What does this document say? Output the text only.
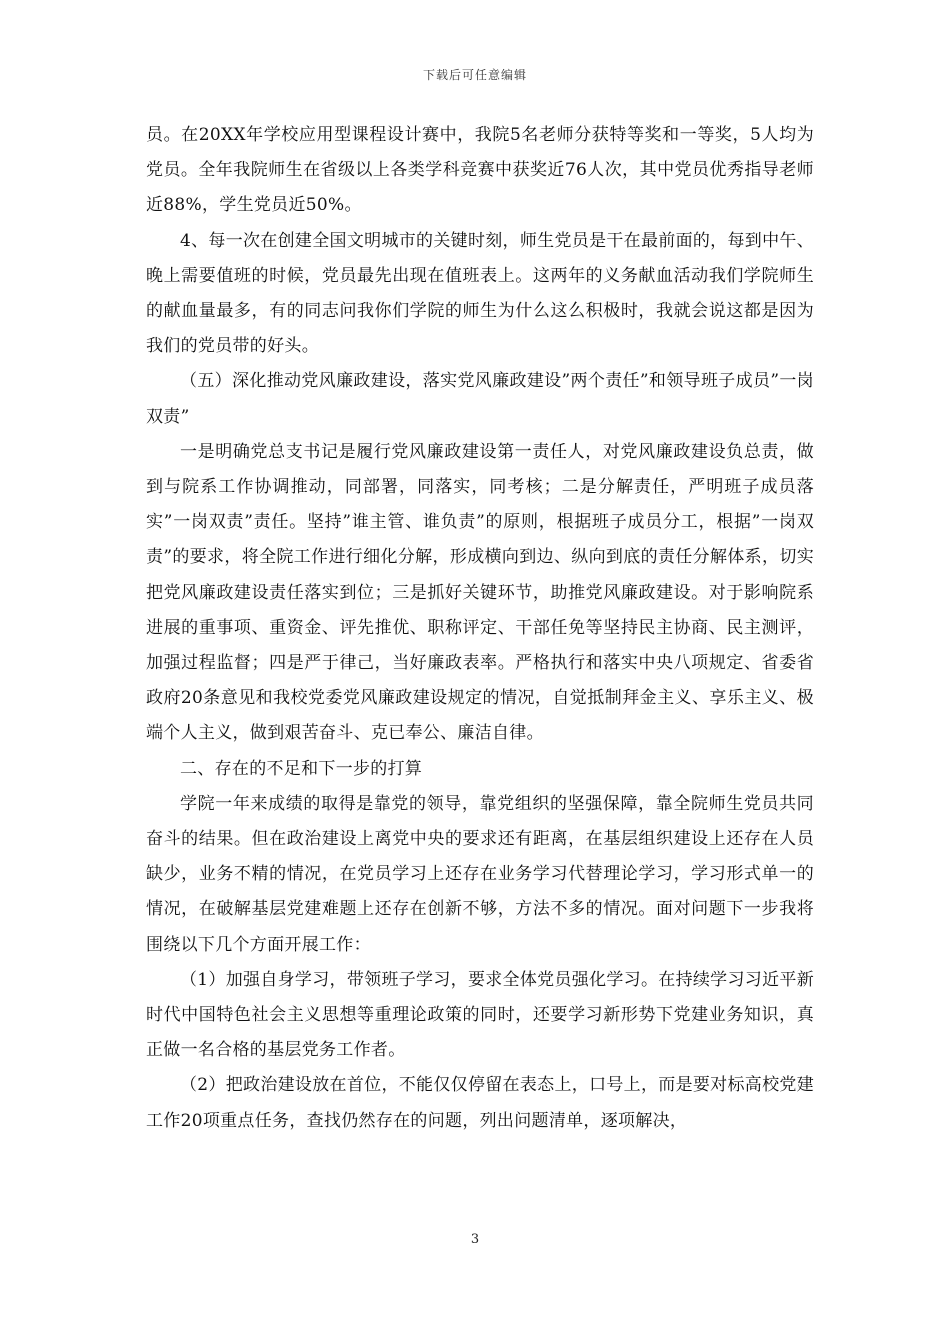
下载后可任意编辑

员。在20XX年学校应用型课程设计赛中，我院5名老师分获特等奖和一等奖，5人均为党员。全年我院师生在省级以上各类学科竞赛中获奖近76人次，其中党员优秀指导老师近88%，学生党员近50%。

4、每一次在创建全国文明城市的关键时刻，师生党员是干在最前面的，每到中午、晚上需要值班的时候，党员最先出现在值班表上。这两年的义务献血活动我们学院师生的献血量最多，有的同志问我你们学院的师生为什么这么积极时，我就会说这都是因为我们的党员带的好头。

（五）深化推动党风廉政建设，落实党风廉政建设”两个责任”和领导班子成员”一岗双责”

一是明确党总支书记是履行党风廉政建设第一责任人，对党风廉政建设负总责，做到与院系工作协调推动，同部署，同落实，同考核；二是分解责任，严明班子成员落实”一岗双责”责任。坚持”谁主管、谁负责”的原则，根据班子成员分工，根据”一岗双责”的要求，将全院工作进行细化分解，形成横向到边、纵向到底的责任分解体系，切实把党风廉政建设责任落实到位；三是抓好关键环节，助推党风廉政建设。对于影响院系进展的重事项、重资金、评先推优、职称评定、干部任免等坚持民主协商、民主测评，加强过程监督；四是严于律己，当好廉政表率。严格执行和落实中央八项规定、省委省政府20条意见和我校党委党风廉政建设规定的情况，自觉抵制拜金主义、享乐主义、极端个人主义，做到艰苦奋斗、克已奉公、廉洁自律。

二、存在的不足和下一步的打算

学院一年来成绩的取得是靠党的领导，靠党组织的坚强保障，靠全院师生党员共同奋斗的结果。但在政治建设上离党中央的要求还有距离，在基层组织建设上还存在人员缺少，业务不精的情况，在党员学习上还存在业务学习代替理论学习，学习形式单一的情况，在破解基层党建难题上还存在创新不够，方法不多的情况。面对问题下一步我将围绕以下几个方面开展工作：

（1）加强自身学习，带领班子学习，要求全体党员强化学习。在持续学习习近平新时代中国特色社会主义思想等重理论政策的同时，还要学习新形势下党建业务知识，真正做一名合格的基层党务工作者。

（2）把政治建设放在首位，不能仅仅停留在表态上，口号上，而是要对标高校党建工作20项重点任务，查找仍然存在的问题，列出问题清单，逐项解决，

3
